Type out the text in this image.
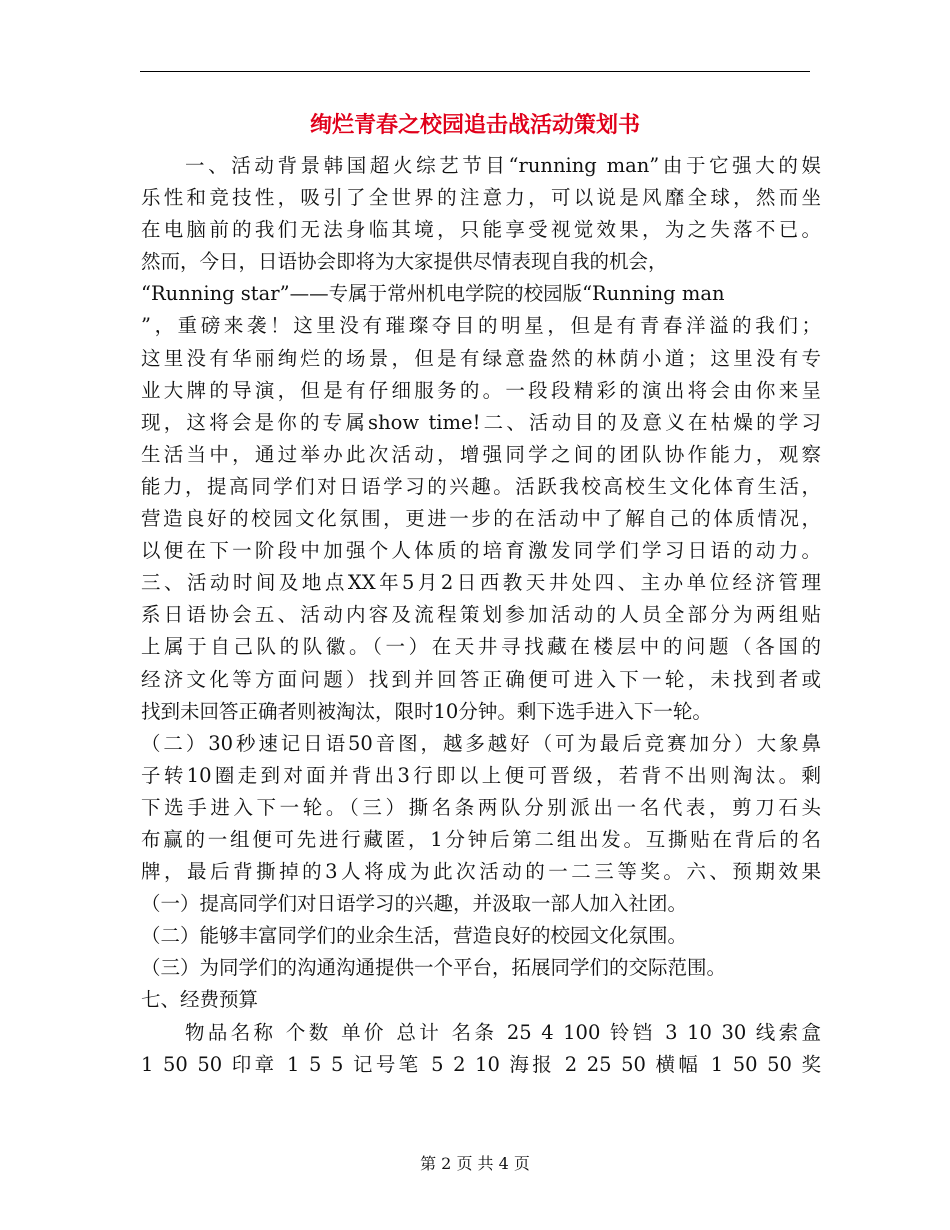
绚烂青春之校园追击战活动策划书
一、活动背景韩国超火综艺节目“running man”由于它强大的娱
乐性和竞技性，吸引了全世界的注意力，可以说是风靡全球，然而坐
在电脑前的我们无法身临其境，只能享受视觉效果，为之失落不已。
然而，今日，日语协会即将为大家提供尽情表现自我的机会，
“Running star”——专属于常州机电学院的校园版“Running man
”，重磅来袭！这里没有璀璨夺目的明星，但是有青春洋溢的我们；
这里没有华丽绚烂的场景，但是有绿意盎然的林荫小道；这里没有专
业大牌的导演，但是有仔细服务的。一段段精彩的演出将会由你来呈
现，这将会是你的专属show time!二、活动目的及意义在枯燥的学习
生活当中，通过举办此次活动，增强同学之间的团队协作能力，观察
能力，提高同学们对日语学习的兴趣。活跃我校高校生文化体育生活，
营造良好的校园文化氛围，更进一步的在活动中了解自己的体质情况，
以便在下一阶段中加强个人体质的培育激发同学们学习日语的动力。
三、活动时间及地点XX年5月2日西教天井处四、主办单位经济管理
系日语协会五、活动内容及流程策划参加活动的人员全部分为两组贴
上属于自己队的队徽。（一）在天井寻找藏在楼层中的问题（各国的
经济文化等方面问题）找到并回答正确便可进入下一轮，未找到者或
找到未回答正确者则被淘汰，限时10分钟。剩下选手进入下一轮。
（二）30秒速记日语50音图，越多越好（可为最后竞赛加分）大象鼻
子转10圈走到对面并背出3行即以上便可晋级，若背不出则淘汰。剩
下选手进入下一轮。（三）撕名条两队分别派出一名代表，剪刀石头
布赢的一组便可先进行藏匿，1分钟后第二组出发。互撕贴在背后的名
牌，最后背撕掉的3人将成为此次活动的一二三等奖。六、预期效果
（一）提高同学们对日语学习的兴趣，并汲取一部人加入社团。
（二）能够丰富同学们的业余生活，营造良好的校园文化氛围。
（三）为同学们的沟通沟通提供一个平台，拓展同学们的交际范围。
七、经费预算
物品名称 个数 单价 总计 名条 25 4 100 铃铛 3 10 30 线索盒
1 50 50 印章 1 5 5 记号笔 5 2 10 海报 2 25 50 横幅 1 50 50 奖
第 2 页 共 4 页
